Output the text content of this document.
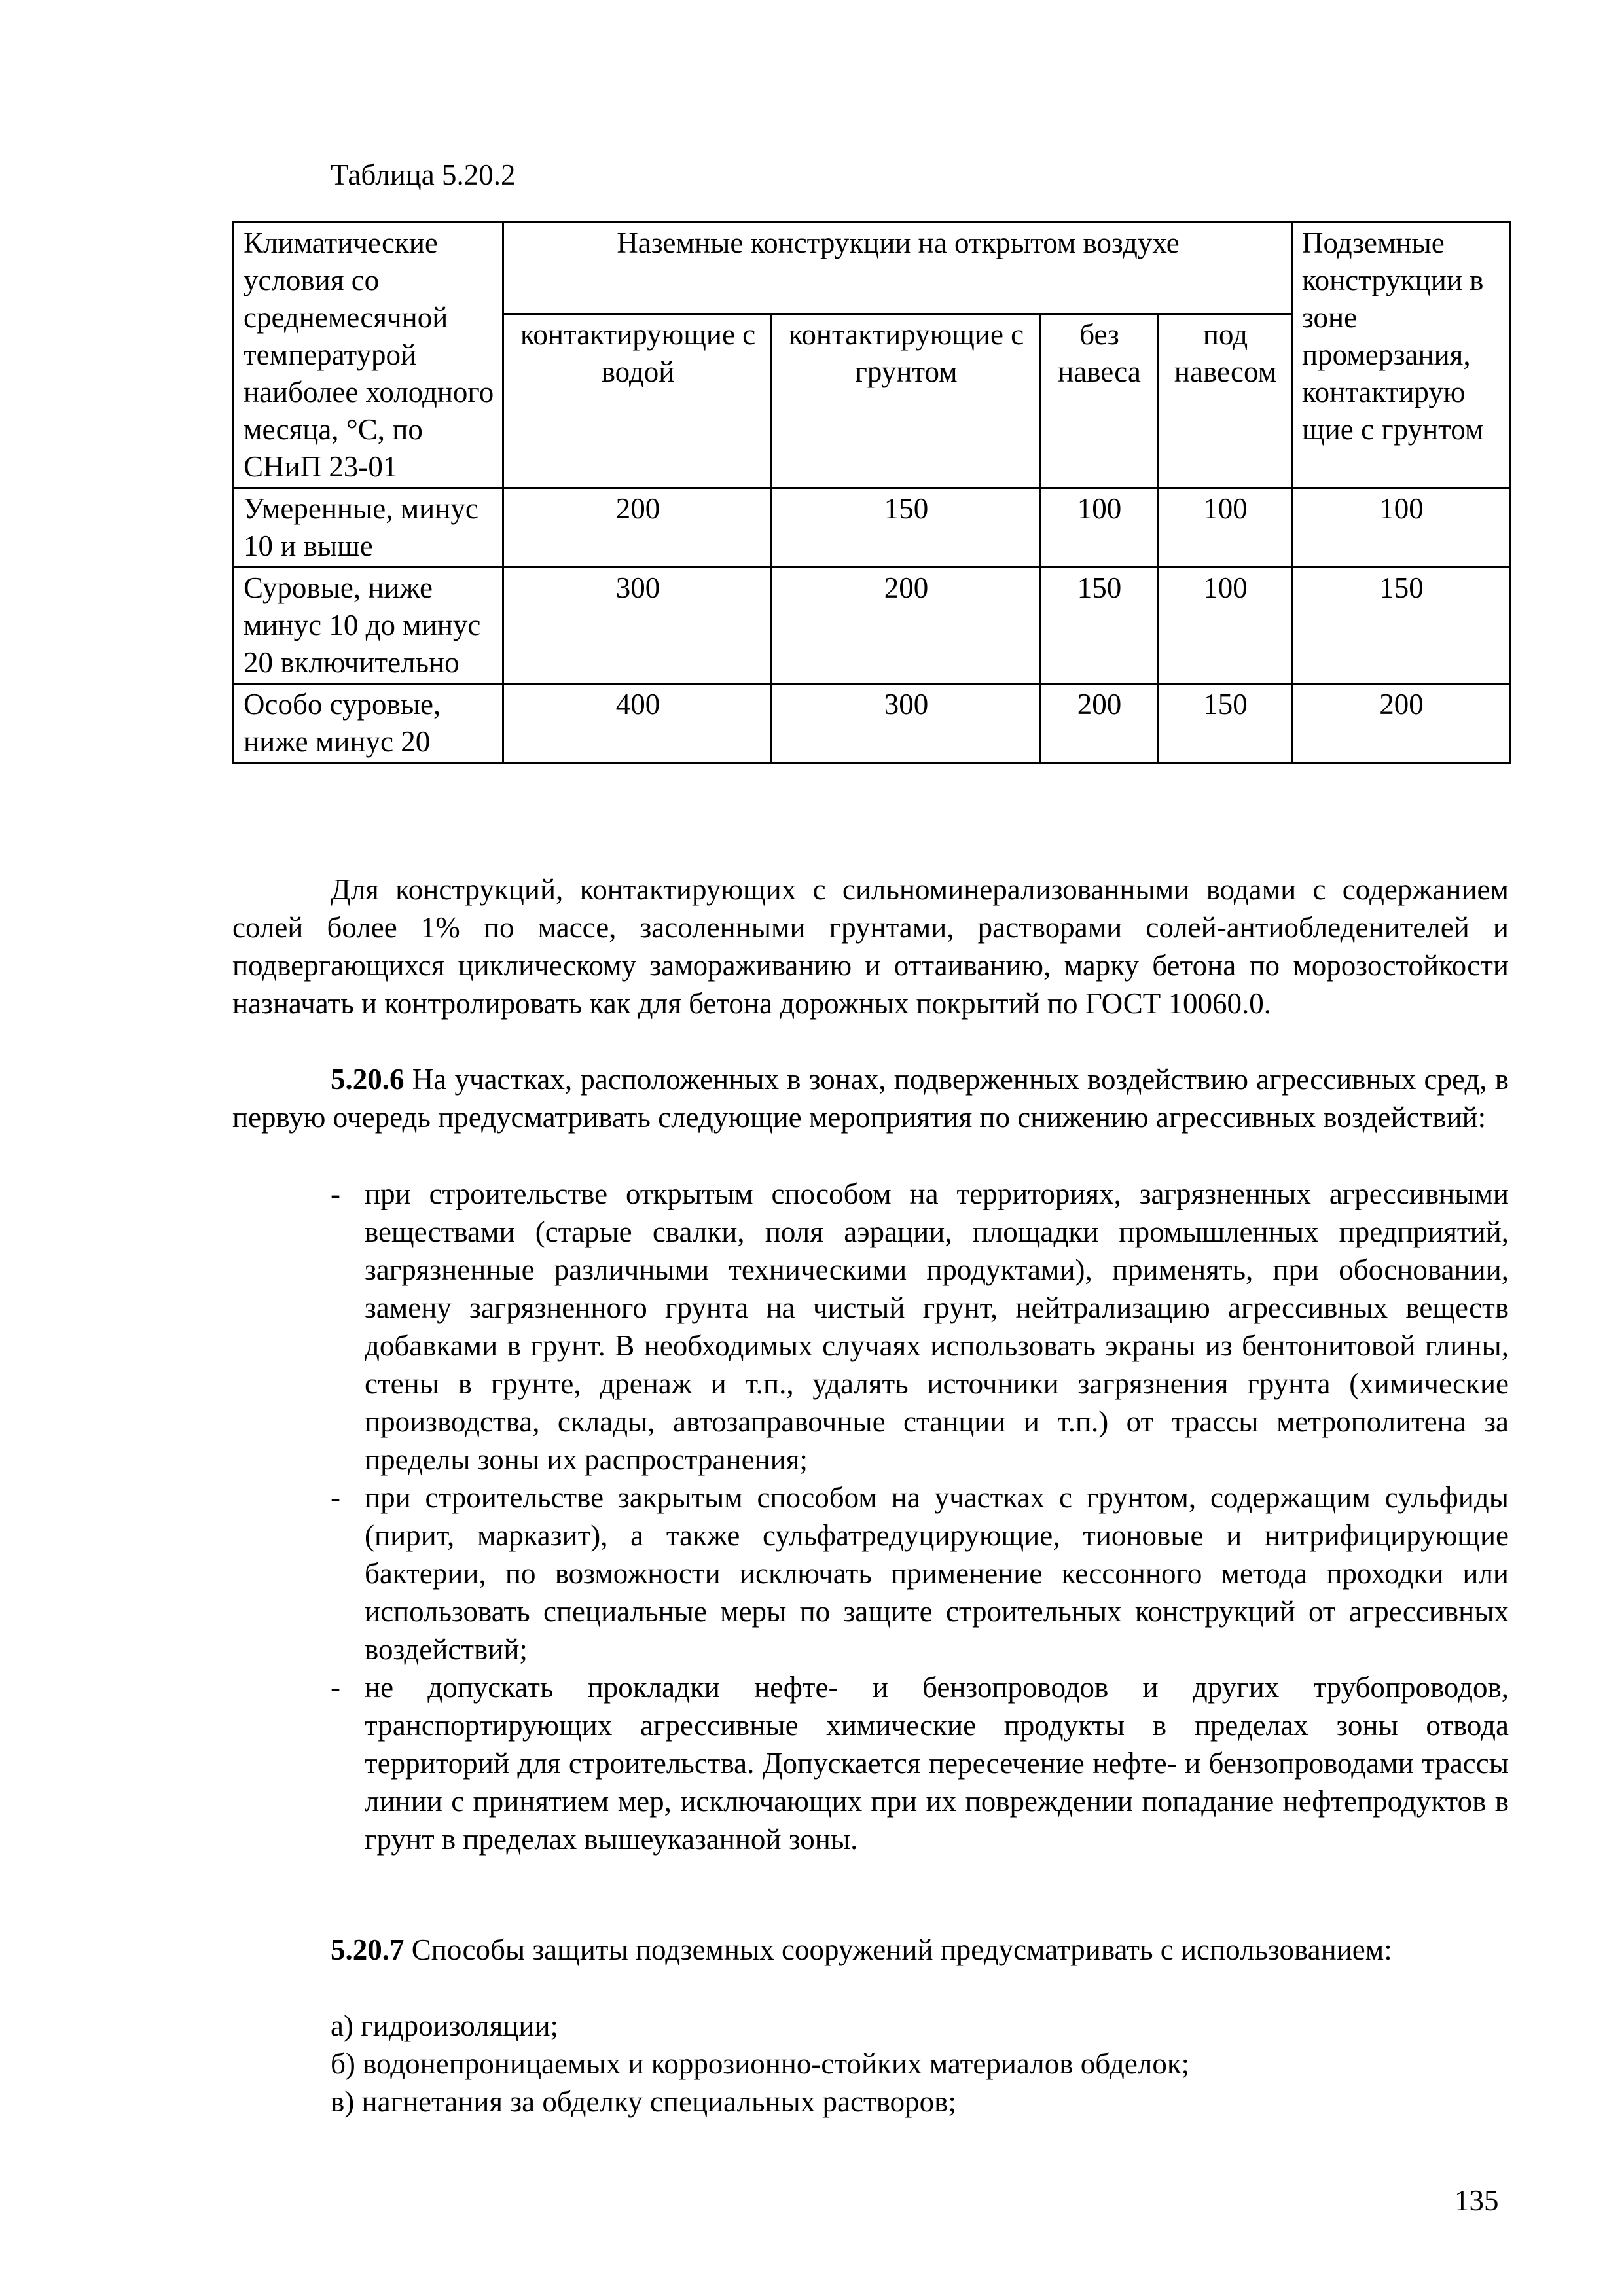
Таблица 5.20.2
Климатические условия со среднемесячной температурой наиболее холодного месяца, °С, по СНиП 23-01	Наземные конструкции на открытом воздухе				Подземные конструкции в зоне промерзания, контактирую щие с грунтом
	контактирующие с водой	контактирующие с грунтом	без навеса	под навесом	
Умеренные, минус 10 и выше	200	150	100	100	100
Суровые, ниже минус 10 до минус 20 включительно	300	200	150	100	150
Особо суровые, ниже минус 20	400	300	200	150	200
Для конструкций, контактирующих с сильноминерализованными водами с содержанием солей более 1% по массе, засоленными грунтами, растворами солей-антиобледенителей и подвергающихся циклическому замораживанию и оттаиванию, марку бетона по морозостойкости назначать и контролировать как для бетона дорожных покрытий по ГОСТ 10060.0.
5.20.6 На участках, расположенных в зонах, подверженных воздействию агрессивных сред, в первую очередь предусматривать следующие мероприятия по снижению агрессивных воздействий:
- при строительстве открытым способом на территориях, загрязненных агрессивными веществами (старые свалки, поля аэрации, площадки промышленных предприятий, загрязненные различными техническими продуктами), применять, при обосновании, замену загрязненного грунта на чистый грунт, нейтрализацию агрессивных веществ добавками в грунт. В необходимых случаях использовать экраны из бентонитовой глины, стены в грунте, дренаж и т.п., удалять источники загрязнения грунта (химические производства, склады, автозаправочные станции и т.п.) от трассы метрополитена за пределы зоны их распространения;
- при строительстве закрытым способом на участках с грунтом, содержащим сульфиды (пирит, марказит), а также сульфатредуцирующие, тионовые и нитрифицирующие бактерии, по возможности исключать применение кессонного метода проходки или использовать специальные меры по защите строительных конструкций от агрессивных воздействий;
- не допускать прокладки нефте- и бензопроводов и других трубопроводов, транспортирующих агрессивные химические продукты в пределах зоны отвода территорий для строительства. Допускается пересечение нефте- и бензопроводами трассы линии с принятием мер, исключающих при их повреждении попадание нефтепродуктов в грунт в пределах вышеуказанной зоны.
5.20.7 Способы защиты подземных сооружений предусматривать с использованием:
а) гидроизоляции;
б) водонепроницаемых и коррозионно-стойких материалов обделок;
в) нагнетания за обделку специальных растворов;
135
